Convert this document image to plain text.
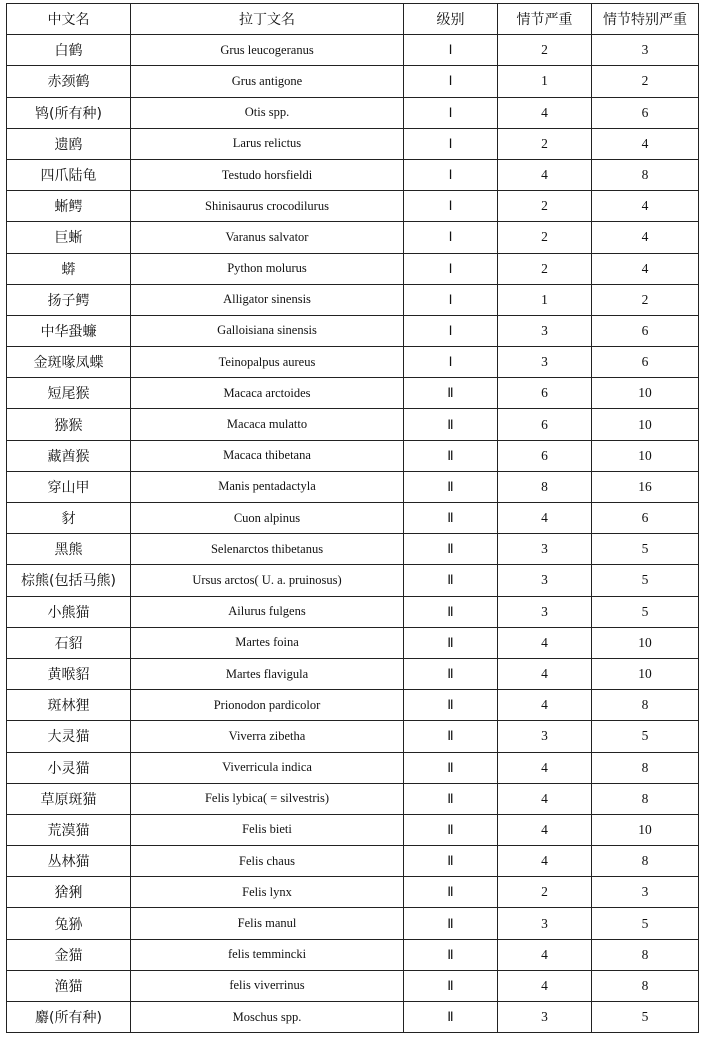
中文名	拉丁文名	级别	情节严重	情节特别严重
白鹤	Grus leucogeranus	Ⅰ	2	3
赤颈鹤	Grus antigone	Ⅰ	1	2
鸨(所有种)	Otis spp.	Ⅰ	4	6
遗鸥	Larus relictus	Ⅰ	2	4
四爪陆龟	Testudo horsfieldi	Ⅰ	4	8
蜥鳄	Shinisaurus crocodilurus	Ⅰ	2	4
巨蜥	Varanus salvator	Ⅰ	2	4
蟒	Python molurus	Ⅰ	2	4
扬子鳄	Alligator sinensis	Ⅰ	1	2
中华蛩蠊	Galloisiana sinensis	Ⅰ	3	6
金斑喙凤蝶	Teinopalpus aureus	Ⅰ	3	6
短尾猴	Macaca arctoides	Ⅱ	6	10
猕猴	Macaca mulatto	Ⅱ	6	10
藏酋猴	Macaca thibetana	Ⅱ	6	10
穿山甲	Manis pentadactyla	Ⅱ	8	16
豺	Cuon alpinus	Ⅱ	4	6
黑熊	Selenarctos thibetanus	Ⅱ	3	5
棕熊(包括马熊)	Ursus arctos( U. a. pruinosus)	Ⅱ	3	5
小熊猫	Ailurus fulgens	Ⅱ	3	5
石貂	Martes foina	Ⅱ	4	10
黄喉貂	Martes flavigula	Ⅱ	4	10
斑林狸	Prionodon pardicolor	Ⅱ	4	8
大灵猫	Viverra zibetha	Ⅱ	3	5
小灵猫	Viverricula indica	Ⅱ	4	8
草原斑猫	Felis lybica( = silvestris)	Ⅱ	4	8
荒漠猫	Felis bieti	Ⅱ	4	10
丛林猫	Felis chaus	Ⅱ	4	8
猞猁	Felis lynx	Ⅱ	2	3
兔狲	Felis manul	Ⅱ	3	5
金猫	felis temmincki	Ⅱ	4	8
渔猫	felis viverrinus	Ⅱ	4	8
麝(所有种)	Moschus spp.	Ⅱ	3	5
